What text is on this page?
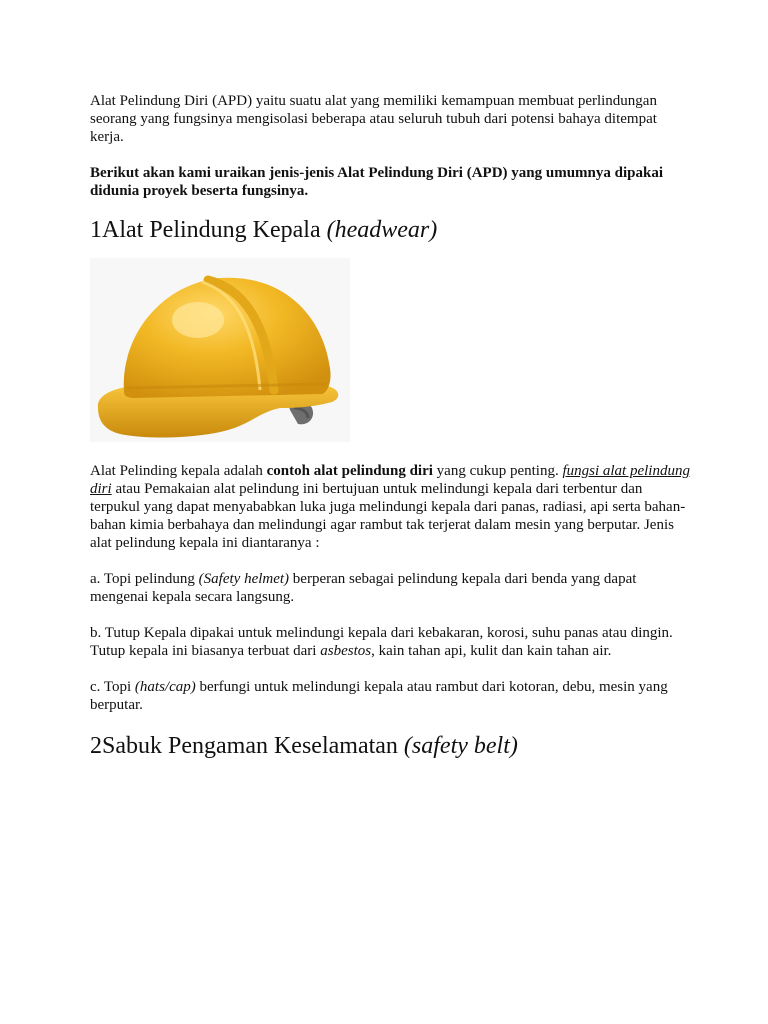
Alat Pelindung Diri (APD) yaitu suatu alat yang memiliki kemampuan membuat perlindungan seorang yang fungsinya mengisolasi beberapa atau seluruh tubuh dari potensi bahaya ditempat kerja.

Berikut akan kami uraikan jenis-jenis Alat Pelindung Diri (APD) yang umumnya dipakai didunia proyek beserta fungsinya.

1Alat Pelindung Kepala (headwear)

Alat Pelinding kepala adalah contoh alat pelindung diri yang cukup penting. fungsi alat pelindung diri atau Pemakaian alat pelindung ini bertujuan untuk melindungi kepala dari terbentur dan terpukul yang dapat menyababkan luka juga melindungi kepala dari panas, radiasi, api serta bahan-bahan kimia berbahaya dan melindungi agar rambut tak terjerat dalam mesin yang berputar. Jenis alat pelindung kepala ini diantaranya :

a. Topi pelindung (Safety helmet) berperan sebagai pelindung kepala dari benda yang dapat mengenai kepala secara langsung.

b. Tutup Kepala dipakai untuk melindungi kepala dari kebakaran, korosi, suhu panas atau dingin. Tutup kepala ini biasanya terbuat dari asbestos, kain tahan api, kulit dan kain tahan air.

c. Topi (hats/cap) berfungi untuk melindungi kepala atau rambut dari kotoran, debu, mesin yang berputar.

2Sabuk Pengaman Keselamatan (safety belt)
